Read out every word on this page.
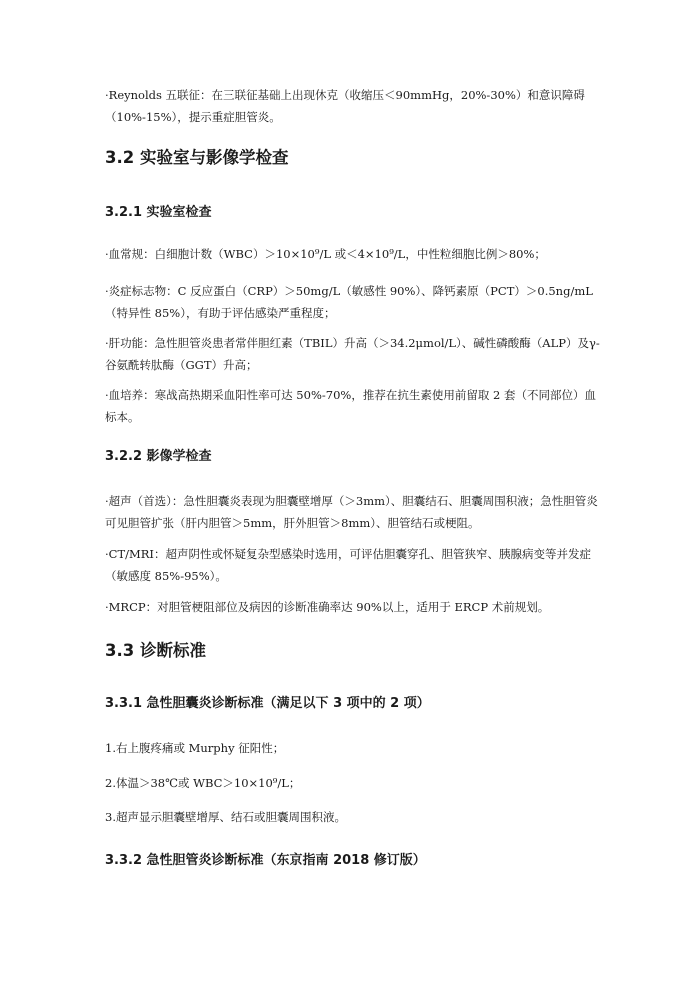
·Reynolds 五联征：在三联征基础上出现休克（收缩压＜90mmHg，20%-30%）和意识障碍（10%-15%），提示重症胆管炎。

3.2 实验室与影像学检查
3.2.1 实验室检查

·血常规：白细胞计数（WBC）＞10×10⁹/L 或＜4×10⁹/L，中性粒细胞比例＞80%；

·炎症标志物：C 反应蛋白（CRP）＞50mg/L（敏感性 90%）、降钙素原（PCT）＞0.5ng/mL（特异性 85%），有助于评估感染严重程度；

·肝功能：急性胆管炎患者常伴胆红素（TBIL）升高（＞34.2μmol/L）、碱性磷酸酶（ALP）及γ-谷氨酰转肽酶（GGT）升高；

·血培养：寒战高热期采血阳性率可达 50%-70%，推荐在抗生素使用前留取 2 套（不同部位）血标本。

3.2.2 影像学检查

·超声（首选）：急性胆囊炎表现为胆囊壁增厚（＞3mm）、胆囊结石、胆囊周围积液；急性胆管炎可见胆管扩张（肝内胆管＞5mm，肝外胆管＞8mm）、胆管结石或梗阻。

·CT/MRI：超声阴性或怀疑复杂型感染时选用，可评估胆囊穿孔、胆管狭窄、胰腺病变等并发症（敏感度 85%-95%）。

·MRCP：对胆管梗阻部位及病因的诊断准确率达 90%以上，适用于 ERCP 术前规划。

3.3 诊断标准
3.3.1 急性胆囊炎诊断标准（满足以下 3 项中的 2 项）

1.右上腹疼痛或 Murphy 征阳性；

2.体温＞38℃或 WBC＞10×10⁹/L；

3.超声显示胆囊壁增厚、结石或胆囊周围积液。

3.3.2 急性胆管炎诊断标准（东京指南 2018 修订版）
